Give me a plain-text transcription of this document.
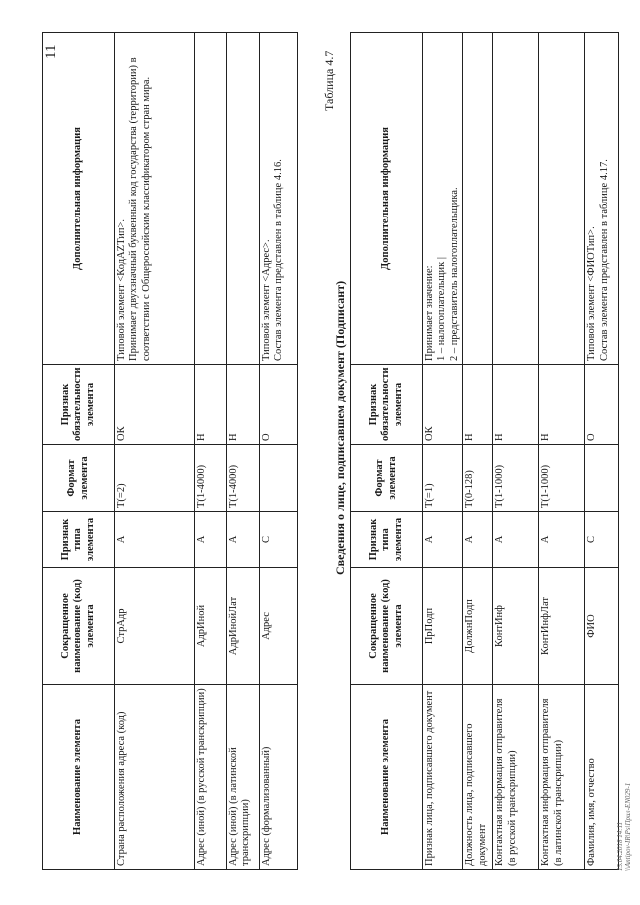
11
Наименование элемента	Сокращенное наименование (код) элемента	Признак типа элемента	Формат элемента	Признак обязательности элемента	Дополнительная информация
Страна расположения адреса (код)	СтрАдр	А	Т(=2)	ОК	Типовой элемент <КодАZТип>. Принимает двухзначный буквенный код государства (территории) в соответствии с Общероссийским классификатором стран мира.

Адрес (иной) (в русской транскрипции)	АдрИной	А	Т(1-4000)	Н	
Адрес (иной) (в латинской транскрипции)	АдрИнойЛат	А	Т(1-4000)	Н	
Адрес (формализованный)	Адрес	С		О	Типовой элемент <Адрес>. Состав элемента представлен в таблице 4.16.
Таблица 4.7
Сведения о лице, подписавшем документ (Подписант)
Наименование элемента	Сокращенное наименование (код) элемента	Признак типа элемента	Формат элемента	Признак обязательности элемента	Дополнительная информация
Признак лица, подписавшего документ	ПрПодп	А	Т(=1)	ОК	Принимает значение: 1 – налогоплательщик | 2 – представитель налогоплательщика.

Должность лица, подписавшего документ	ДолжнПодп	А	Т(0-128)	Н	
Контактная информация отправителя (в русской транскрипции)	КонтИнф	А	Т(1-1000)	Н	
Контактная информация отправителя (в латинской транскрипции)	КонтИнфЛат	А	Т(1-1000)	Н	
Фамилия, имя, отчество	ФИО	С		О	Типовой элемент <ФИОТип>. Состав элемента представлен в таблице 4.17.
15.04.2018 14:11 \\Antipov-IR\Ps\Прил-EN029-1
